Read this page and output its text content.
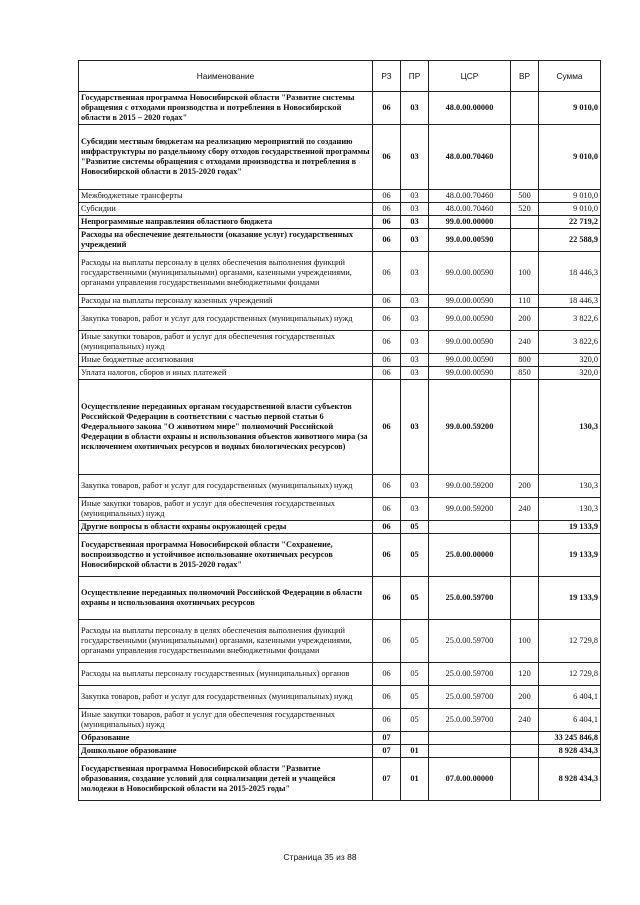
Наименование	РЗ	ПР	ЦСР	ВР	Сумма
Государственная программа Новосибирской области "Развитие системы обращения с отходами производства и потребления в Новосибирской области в 2015 – 2020 годах"	06	03	48.0.00.00000		9 010,0
Субсидии местным бюджетам на реализацию мероприятий по созданию инфраструктуры по раздельному сбору отходов государственной программы "Развитие системы обращения с отходами производства и потребления в Новосибирской области в 2015-2020 годах"	06	03	48.0.00.70460		9 010,0
Межбюджетные трансферты	06	03	48.0.00.70460	500	9 010,0
Субсидии	06	03	48.0.00.70460	520	9 010,0
Непрограммные направления областного бюджета	06	03	99.0.00.00000		22 719,2
Расходы на обеспечение деятельности (оказание услуг) государственных учреждений	06	03	99.0.00.00590		22 588,9
Расходы на выплаты персоналу в целях обеспечения выполнения функций государственными (муниципальными) органами, казенными учреждениями, органами управления государственными внебюджетными фондами	06	03	99.0.00.00590	100	18 446,3
Расходы на выплаты персоналу казенных учреждений	06	03	99.0.00.00590	110	18 446,3
Закупка товаров, работ и услуг для государственных (муниципальных) нужд	06	03	99.0.00.00590	200	3 822,6
Иные закупки товаров, работ и услуг для обеспечения государственных (муниципальных) нужд	06	03	99.0.00.00590	240	3 822,6
Иные бюджетные ассигнования	06	03	99.0.00.00590	800	320,0
Уплата налогов, сборов и иных платежей	06	03	99.0.00.00590	850	320,0
Осуществление переданных органам государственной власти субъектов Российской Федерации в соответствии с частью первой статьи 6 Федерального закона "О животном мире" полномочий Российской Федерации в области охраны и использования объектов животного мира (за исключением охотничьих ресурсов и водных биологических ресурсов)	06	03	99.0.00.59200		130,3
Закупка товаров, работ и услуг для государственных (муниципальных) нужд	06	03	99.0.00.59200	200	130,3
Иные закупки товаров, работ и услуг для обеспечения государственных (муниципальных) нужд	06	03	99.0.00.59200	240	130,3
Другие вопросы в области охраны окружающей среды	06	05			19 133,9
Государственная программа Новосибирской области "Сохранение, воспроизводство и устойчивое использование охотничьих ресурсов Новосибирской области в 2015-2020 годах"	06	05	25.0.00.00000		19 133,9
Осуществление переданных полномочий Российской Федерации в области охраны и использования охотничьих ресурсов	06	05	25.0.00.59700		19 133,9
Расходы на выплаты персоналу в целях обеспечения выполнения функций государственными (муниципальными) органами, казенными учреждениями, органами управления государственными внебюджетными фондами	06	05	25.0.00.59700	100	12 729,8
Расходы на выплаты персоналу государственных (муниципальных) органов	06	05	25.0.00.59700	120	12 729,8
Закупка товаров, работ и услуг для государственных (муниципальных) нужд	06	05	25.0.00.59700	200	6 404,1
Иные закупки товаров, работ и услуг для обеспечения государственных (муниципальных) нужд	06	05	25.0.00.59700	240	6 404,1
Образование	07				33 245 846,8
Дошкольное образование	07	01			8 928 434,3
Государственная программа Новосибирской области "Развитие образования, создание условий для социализации детей и учащейся молодежи в Новосибирской области на 2015-2025 годы"	07	01	07.0.00.00000		8 928 434,3
Страница 35 из 88
